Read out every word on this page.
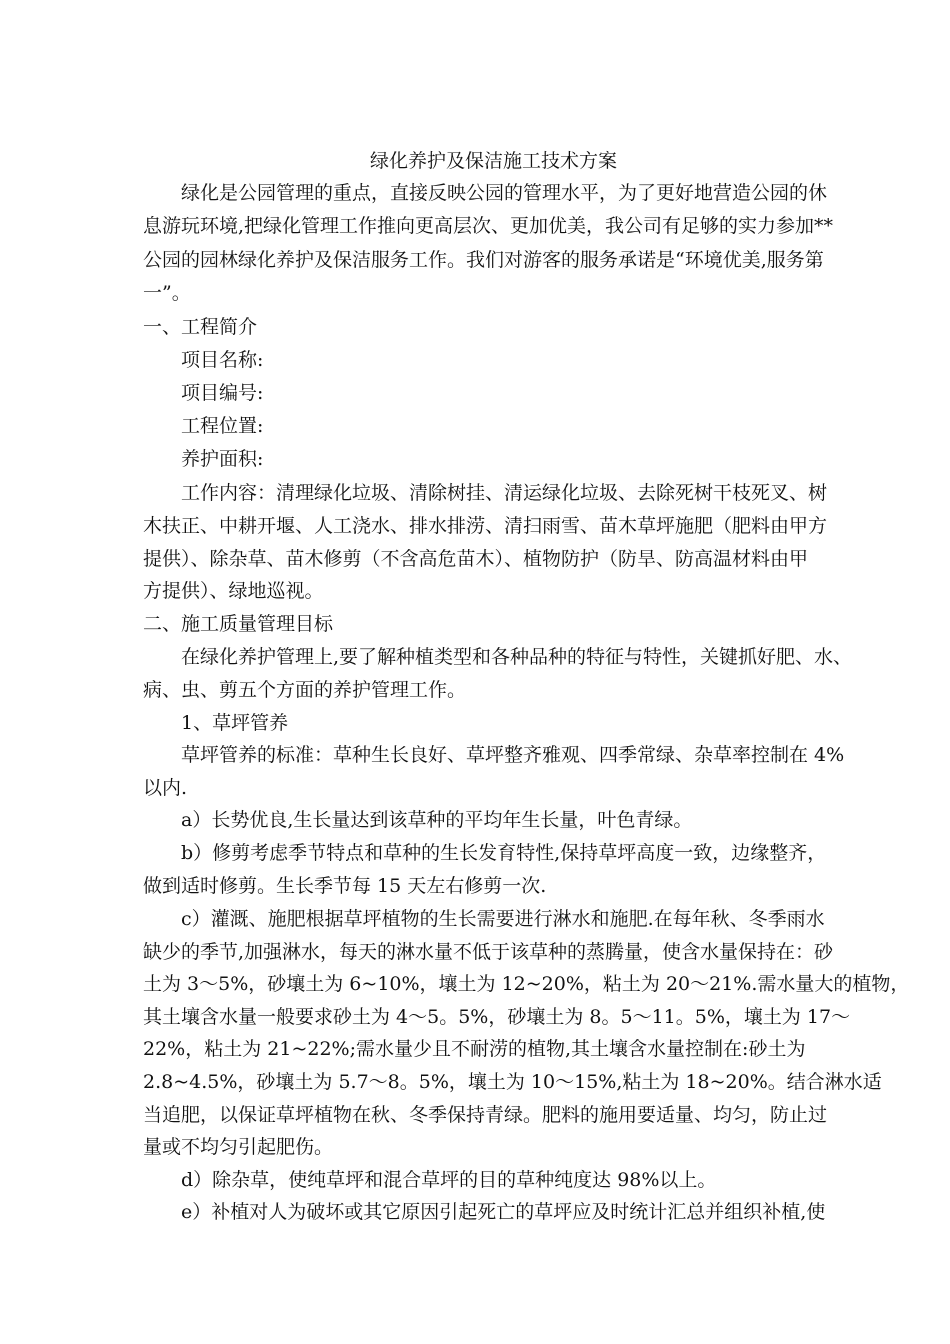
绿化养护及保洁施工技术方案
绿化是公园管理的重点，直接反映公园的管理水平，为了更好地营造公园的休
息游玩环境,把绿化管理工作推向更高层次、更加优美，我公司有足够的实力参加**
公园的园林绿化养护及保洁服务工作。我们对游客的服务承诺是“环境优美,服务第
一”。
一、工程简介
项目名称:
项目编号:
工程位置:
养护面积:
工作内容：清理绿化垃圾、清除树挂、清运绿化垃圾、去除死树干枝死叉、树
木扶正、中耕开堰、人工浇水、排水排涝、清扫雨雪、苗木草坪施肥（肥料由甲方
提供）、除杂草、苗木修剪（不含高危苗木）、植物防护（防旱、防高温材料由甲
方提供）、绿地巡视。
二、施工质量管理目标
在绿化养护管理上,要了解种植类型和各种品种的特征与特性，关键抓好肥、水、
病、虫、剪五个方面的养护管理工作。
1、草坪管养
草坪管养的标准：草种生长良好、草坪整齐雅观、四季常绿、杂草率控制在 4%
以内.
a）长势优良,生长量达到该草种的平均年生长量，叶色青绿。
b）修剪考虑季节特点和草种的生长发育特性,保持草坪高度一致，边缘整齐，
做到适时修剪。生长季节每 15 天左右修剪一次.
c）灌溉、施肥根据草坪植物的生长需要进行淋水和施肥.在每年秋、冬季雨水
缺少的季节,加强淋水，每天的淋水量不低于该草种的蒸腾量，使含水量保持在：砂
土为 3～5%，砂壤土为 6~10%，壤土为 12~20%，粘土为 20～21%.需水量大的植物，
其土壤含水量一般要求砂土为 4～5。5%，砂壤土为 8。5～11。5%，壤土为 17～
22%，粘土为 21~22%;需水量少且不耐涝的植物,其土壤含水量控制在:砂土为
2.8~4.5%，砂壤土为 5.7～8。5%，壤土为 10～15%,粘土为 18~20%。结合淋水适
当追肥，以保证草坪植物在秋、冬季保持青绿。肥料的施用要适量、均匀，防止过
量或不均匀引起肥伤。
d）除杂草，使纯草坪和混合草坪的目的草种纯度达 98%以上。
e）补植对人为破坏或其它原因引起死亡的草坪应及时统计汇总并组织补植,使
